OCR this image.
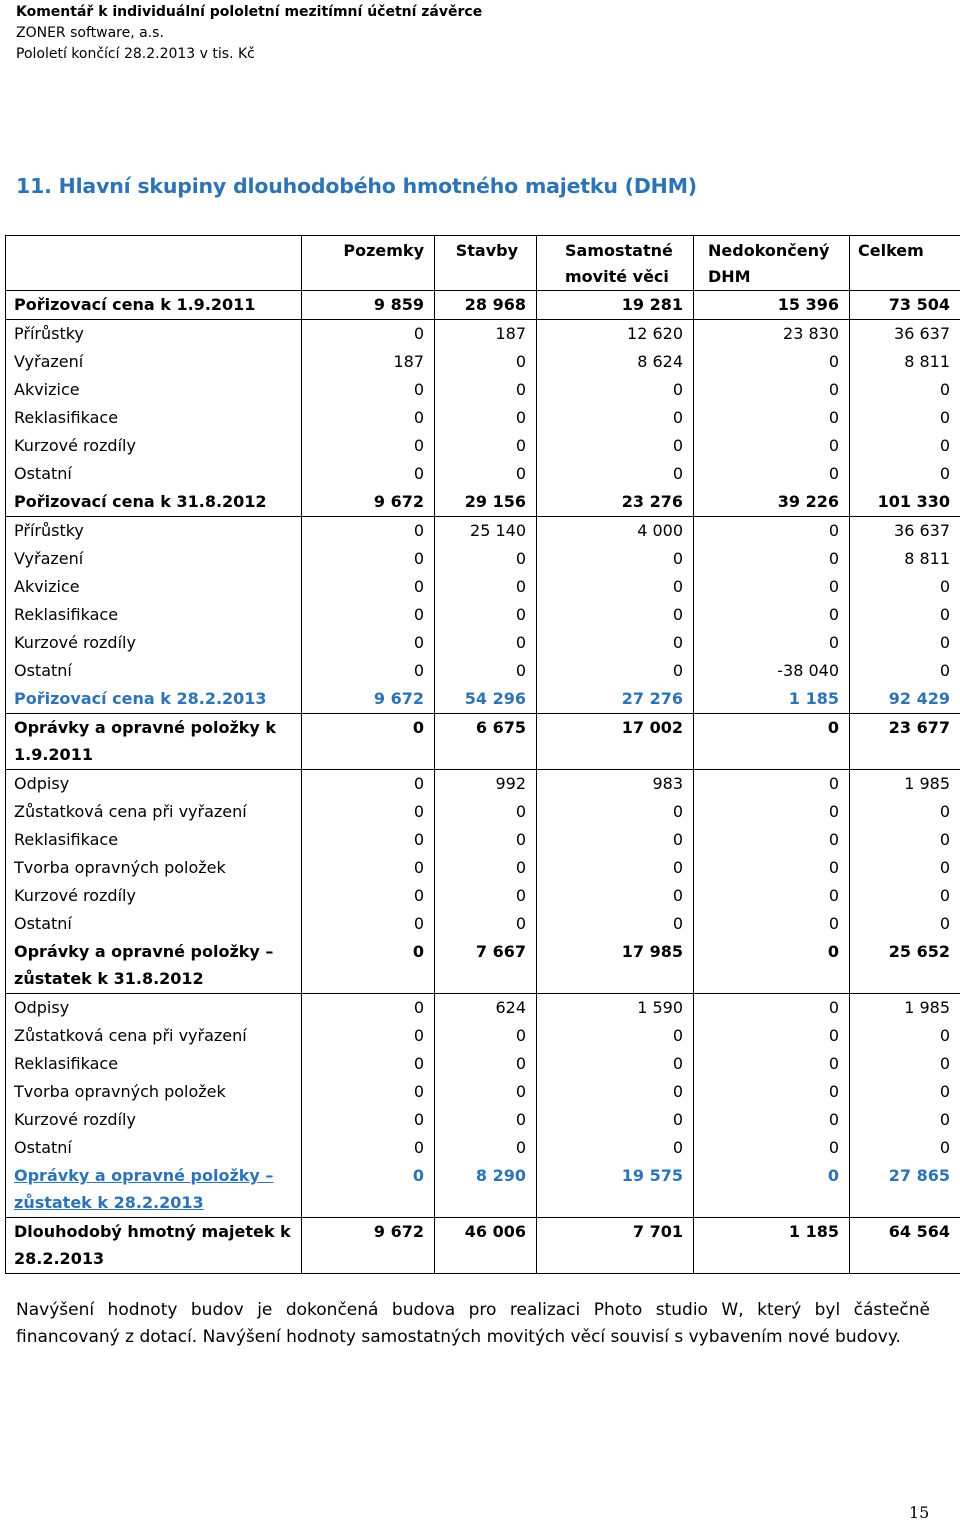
Komentář k individuální pololetní mezitímní účetní závěrce
ZONER software, a.s.
Pololetí končící 28.2.2013 v tis. Kč
11. Hlavní skupiny dlouhodobého hmotného majetku (DHM)
	Pozemky	Stavby	Samostatné movité věci	Nedokončený DHM	Celkem
Pořizovací cena k 1.9.2011	9 859	28 968	19 281	15 396	73 504
Přírůstky	0	187	12 620	23 830	36 637
Vyřazení	187	0	8 624	0	8 811
Akvizice	0	0	0	0	0
Reklasifikace	0	0	0	0	0
Kurzové rozdíly	0	0	0	0	0
Ostatní	0	0	0	0	0
Pořizovací cena k 31.8.2012	9 672	29 156	23 276	39 226	101 330
Přírůstky	0	25 140	4 000	0	36 637
Vyřazení	0	0	0	0	8 811
Akvizice	0	0	0	0	0
Reklasifikace	0	0	0	0	0
Kurzové rozdíly	0	0	0	0	0
Ostatní	0	0	0	-38 040	0
Pořizovací cena k 28.2.2013	9 672	54 296	27 276	1 185	92 429
Oprávky a opravné položky k 1.9.2011	0	6 675	17 002	0	23 677
Odpisy	0	992	983	0	1 985
Zůstatková cena při vyřazení	0	0	0	0	0
Reklasifikace	0	0	0	0	0
Tvorba opravných položek	0	0	0	0	0
Kurzové rozdíly	0	0	0	0	0
Ostatní	0	0	0	0	0
Oprávky a opravné položky – zůstatek k 31.8.2012	0	7 667	17 985	0	25 652
Odpisy	0	624	1 590	0	1 985
Zůstatková cena při vyřazení	0	0	0	0	0
Reklasifikace	0	0	0	0	0
Tvorba opravných položek	0	0	0	0	0
Kurzové rozdíly	0	0	0	0	0
Ostatní	0	0	0	0	0
Oprávky a opravné položky – zůstatek k 28.2.2013	0	8 290	19 575	0	27 865
Dlouhodobý hmotný majetek k 28.2.2013	9 672	46 006	7 701	1 185	64 564
Navýšení hodnoty budov je dokončená budova pro realizaci Photo studio W, který byl částečně financovaný z dotací. Navýšení hodnoty samostatných movitých věcí souvisí s vybavením nové budovy.
15
